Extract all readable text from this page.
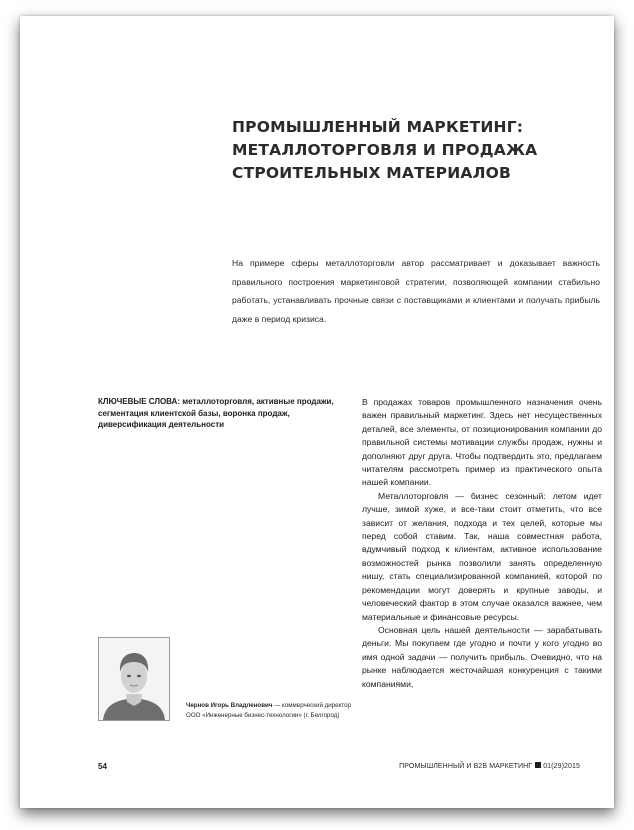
ПРОМЫШЛЕННЫЙ МАРКЕТИНГ:
МЕТАЛЛОТОРГОВЛЯ И ПРОДАЖА
СТРОИТЕЛЬНЫХ МАТЕРИАЛОВ

На примере сферы металлоторговли автор рассматривает и доказывает важность правильного построения маркетинговой стратегии, позволяющей компании стабильно работать, устанавливать прочные связи с поставщиками и клиентами и получать прибыль даже в период кризиса.

КЛЮЧЕВЫЕ СЛОВА: металлоторговля, активные продажи, сегментация клиентской базы, воронка продаж, диверсификация деятельности

В продажах товаров промышленного назначения очень важен правильный маркетинг. Здесь нет несущественных деталей, все элементы, от позиционирования компании до правильной системы мотивации службы продаж, нужны и дополняют друг друга. Чтобы подтвердить это, предлагаем читателям рассмотреть пример из практического опыта нашей компании.

Металлоторговля — бизнес сезонный: летом идет лучше, зимой хуже, и все-таки стоит отметить, что все зависит от желания, подхода и тех целей, которые мы перед собой ставим. Так, наша совместная работа, вдумчивый подход к клиентам, активное использование возможностей рынка позволили занять определенную нишу, стать специализированной компанией, которой по рекомендации могут доверять и крупные заводы, и человеческий фактор в этом случае оказался важнее, чем материальные и финансовые ресурсы.

Основная цель нашей деятельности — зарабатывать деньги. Мы покупаем где угодно и почти у кого угодно во имя одной задачи — получить прибыль. Очевидно, что на рынке наблюдается жесточайшая конкуренция с такими компаниями,

Чернов Игорь Владленович — коммерческий директор ООО «Инженерные бизнес-технологии» (г. Белгород)

54	ПРОМЫШЛЕННЫЙ И B2B МАРКЕТИНГ 01(29)2015
